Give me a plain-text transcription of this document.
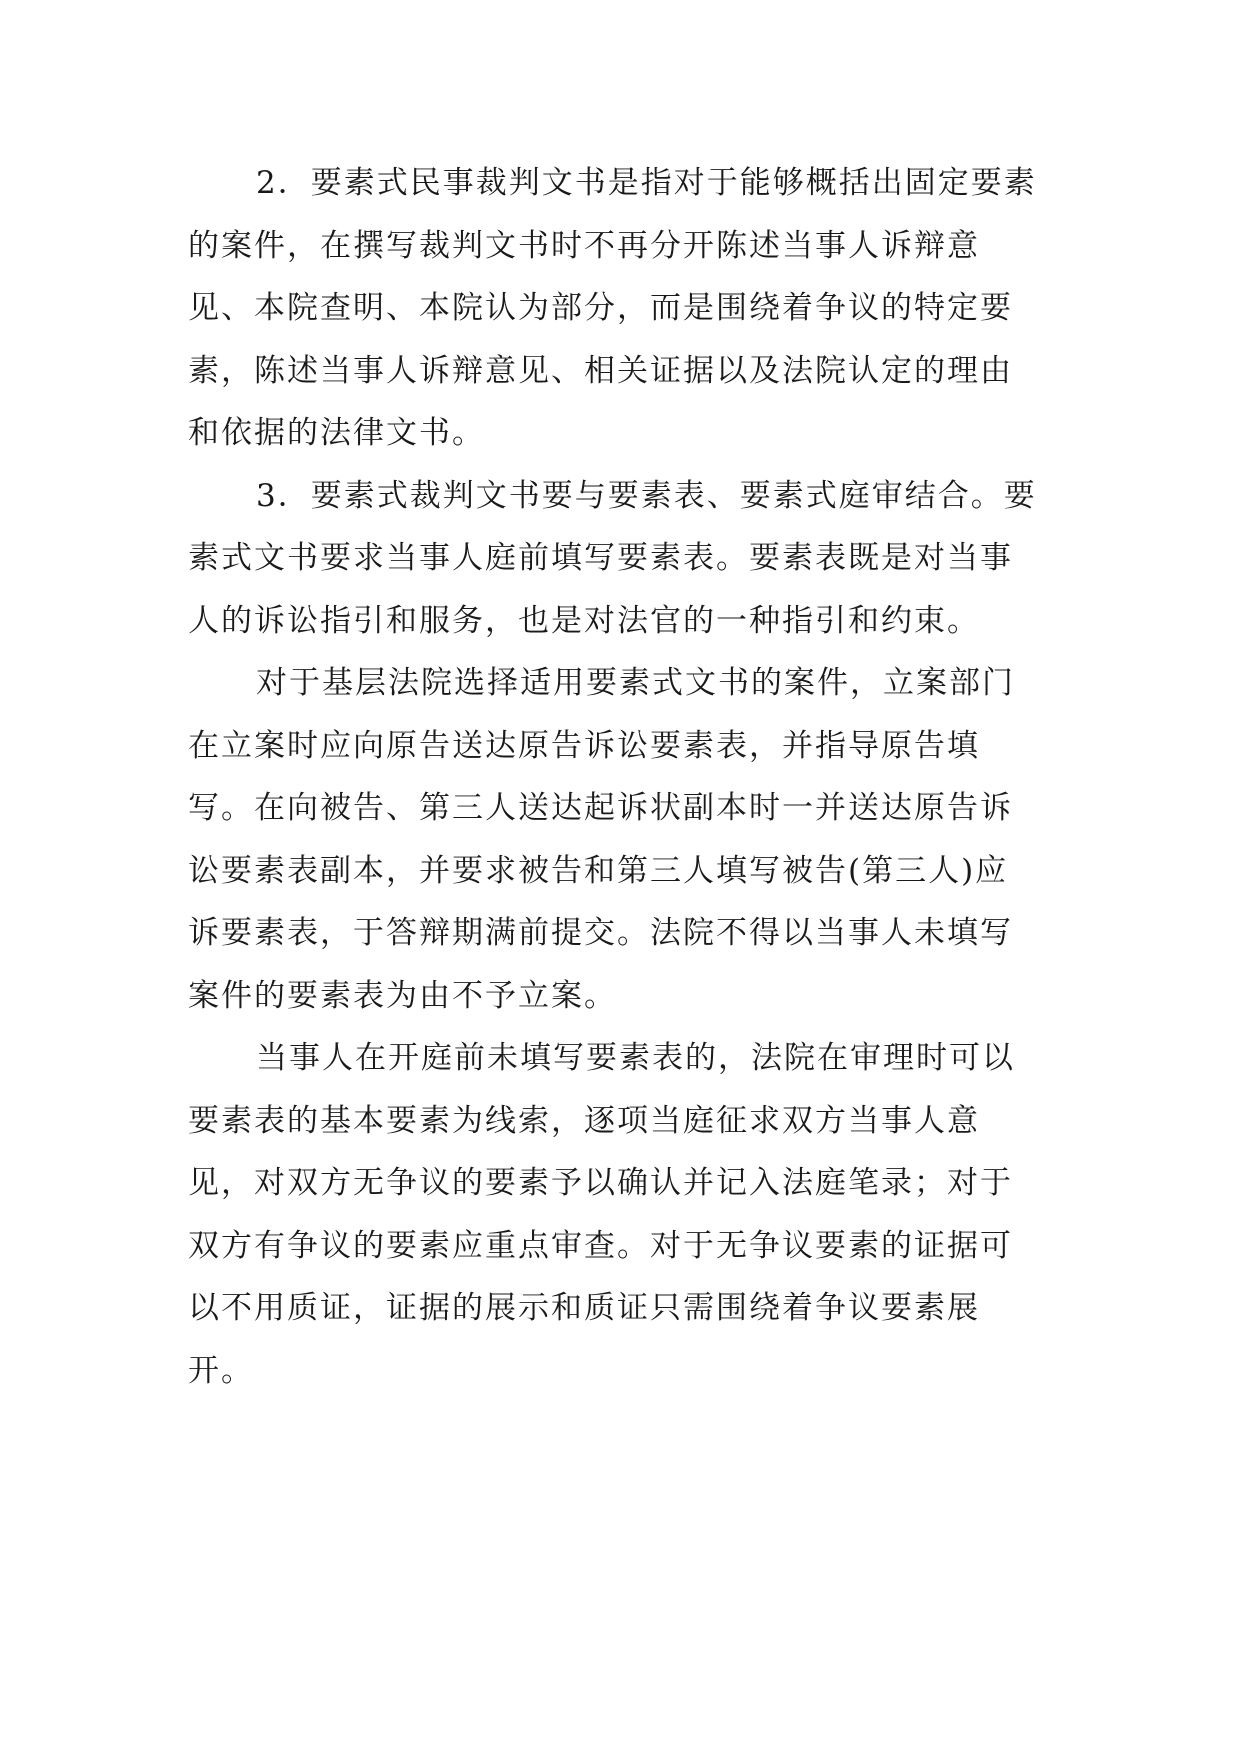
2．要素式民事裁判文书是指对于能够概括出固定要素
的案件，在撰写裁判文书时不再分开陈述当事人诉辩意
见、本院查明、本院认为部分，而是围绕着争议的特定要
素，陈述当事人诉辩意见、相关证据以及法院认定的理由
和依据的法律文书。

3．要素式裁判文书要与要素表、要素式庭审结合。要
素式文书要求当事人庭前填写要素表。要素表既是对当事
人的诉讼指引和服务，也是对法官的一种指引和约束。

对于基层法院选择适用要素式文书的案件，立案部门
在立案时应向原告送达原告诉讼要素表，并指导原告填
写。在向被告、第三人送达起诉状副本时一并送达原告诉
讼要素表副本，并要求被告和第三人填写被告(第三人)应
诉要素表，于答辩期满前提交。法院不得以当事人未填写
案件的要素表为由不予立案。

当事人在开庭前未填写要素表的，法院在审理时可以
要素表的基本要素为线索，逐项当庭征求双方当事人意
见，对双方无争议的要素予以确认并记入法庭笔录；对于
双方有争议的要素应重点审查。对于无争议要素的证据可
以不用质证，证据的展示和质证只需围绕着争议要素展
开。
